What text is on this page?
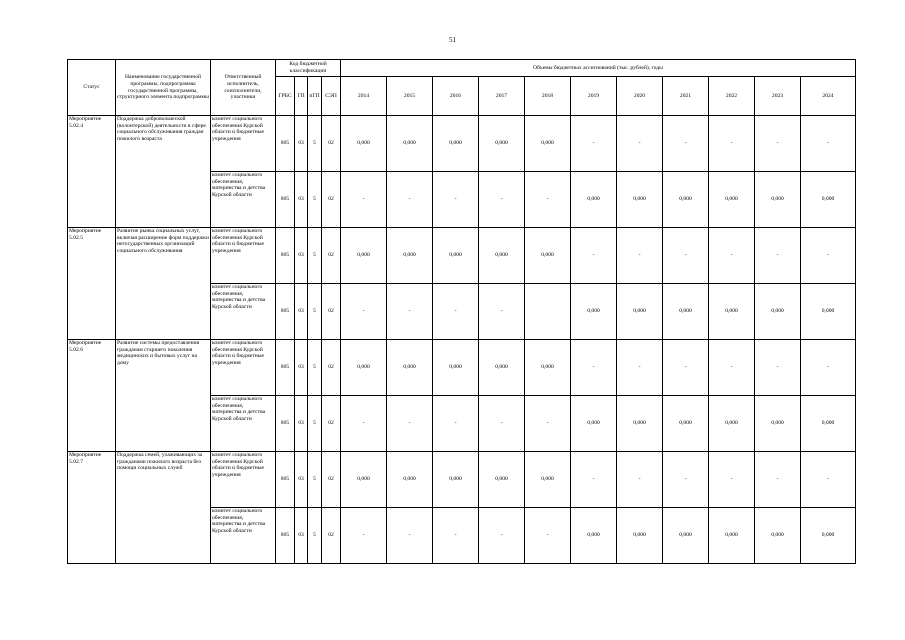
51
Статус	Наименование государственной программы, подпрограммы государственной программы, структурного элемента подпрограммы	Ответственный исполнитель, соисполнители, участники	Код бюджетной классификации				Объемы бюджетных ассигнований (тыс. рублей), годы										
			ГРБС	ГП	пГП	СЭП	2014	2015	2016	2017	2018	2019	2020	2021	2022	2023	2024
Мероприятие 5.02.4	Поддержка добровольческой (волонтерской) деятельности в сфере социального обслуживания граждан пожилого возраста	комитет социального обеспечения Курской области и бюджетные учреждения	805	03	5	02	0,000	0,000	0,000	0,000	0,000	-	-	-	-	-	-
		комитет социального обеспечения, материнства и детства Курской области	805	03	5	02	-	-	-	-	-	0,000	0,000	0,000	0,000	0,000	0,000
Мероприятие 5.02.5	Развитие рынка социальных услуг, включая расширение форм поддержки негосударственных организаций социального обслуживания	комитет социального обеспечения Курской области и бюджетные учреждения	805	03	5	02	0,000	0,000	0,000	0,000	0,000	-	-	-	-	-	-
		комитет социального обеспечения, материнства и детства Курской области	805	03	5	02	-	-	-	-		0,000	0,000	0,000	0,000	0,000	0,000
Мероприятие 5.02.6	Развитие системы предоставления гражданам старшего поколения медицинских и бытовых услуг на дому	комитет социального обеспечения Курской области и бюджетные учреждения	805	03	5	02	0,000	0,000	0,000	0,000	0,000	-	-	-	-	-	-
		комитет социального обеспечения, материнства и детства Курской области	805	03	5	02	-	-	-	-	-	0,000	0,000	0,000	0,000	0,000	0,000
Мероприятие 5.02.7	Поддержка семей, ухаживающих за гражданами пожилого возраста без помощи социальных служб	комитет социального обеспечения Курской области и бюджетные учреждения	805	03	5	02	0,000	0,000	0,000	0,000	0,000	-	-	-	-	-	-
		комитет социального обеспечения, материнства и детства Курской области	805	03	5	02	-	-	-	-	-	0,000	0,000	0,000	0,000	0,000	0,000
